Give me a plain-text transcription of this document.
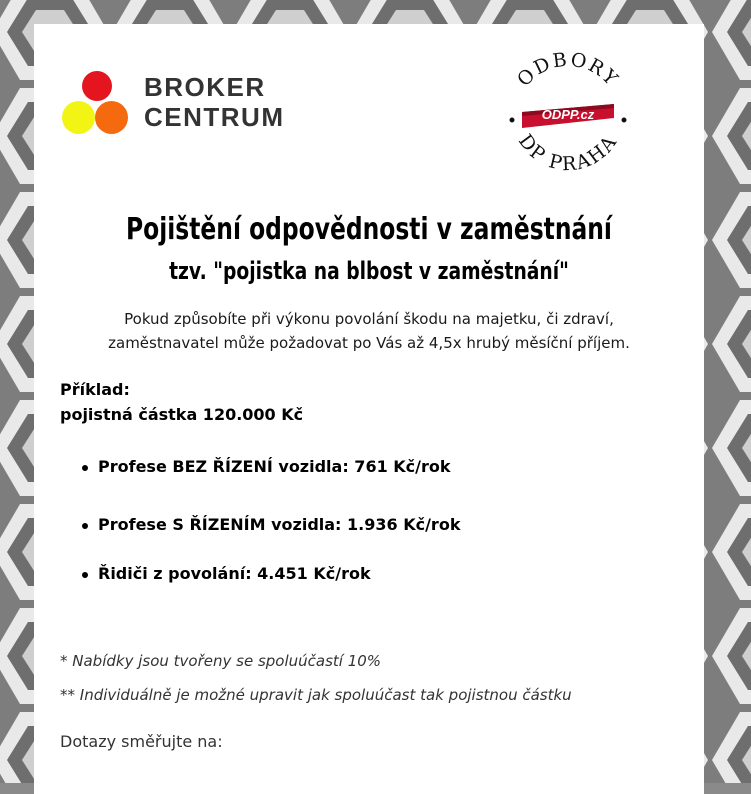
BROKER
CENTRUM
ODBORY
DP PRAHA
ODPP.cz
Pojištění odpovědnosti v zaměstnání
tzv. "pojistka na blbost v zaměstnání"
Pokud způsobíte při výkonu povolání škodu na majetku, či zdraví,
zaměstnavatel může požadovat po Vás až 4,5x hrubý měsíční příjem.
Příklad:
pojistná částka 120.000 Kč
Profese BEZ ŘÍZENÍ vozidla: 761 Kč/rok
Profese S ŘÍZENÍM vozidla: 1.936 Kč/rok
Řidiči z povolání: 4.451 Kč/rok
* Nabídky jsou tvořeny se spoluúčastí 10%
** Individuálně je možné upravit jak spoluúčast tak pojistnou částku
Dotazy směřujte na:
